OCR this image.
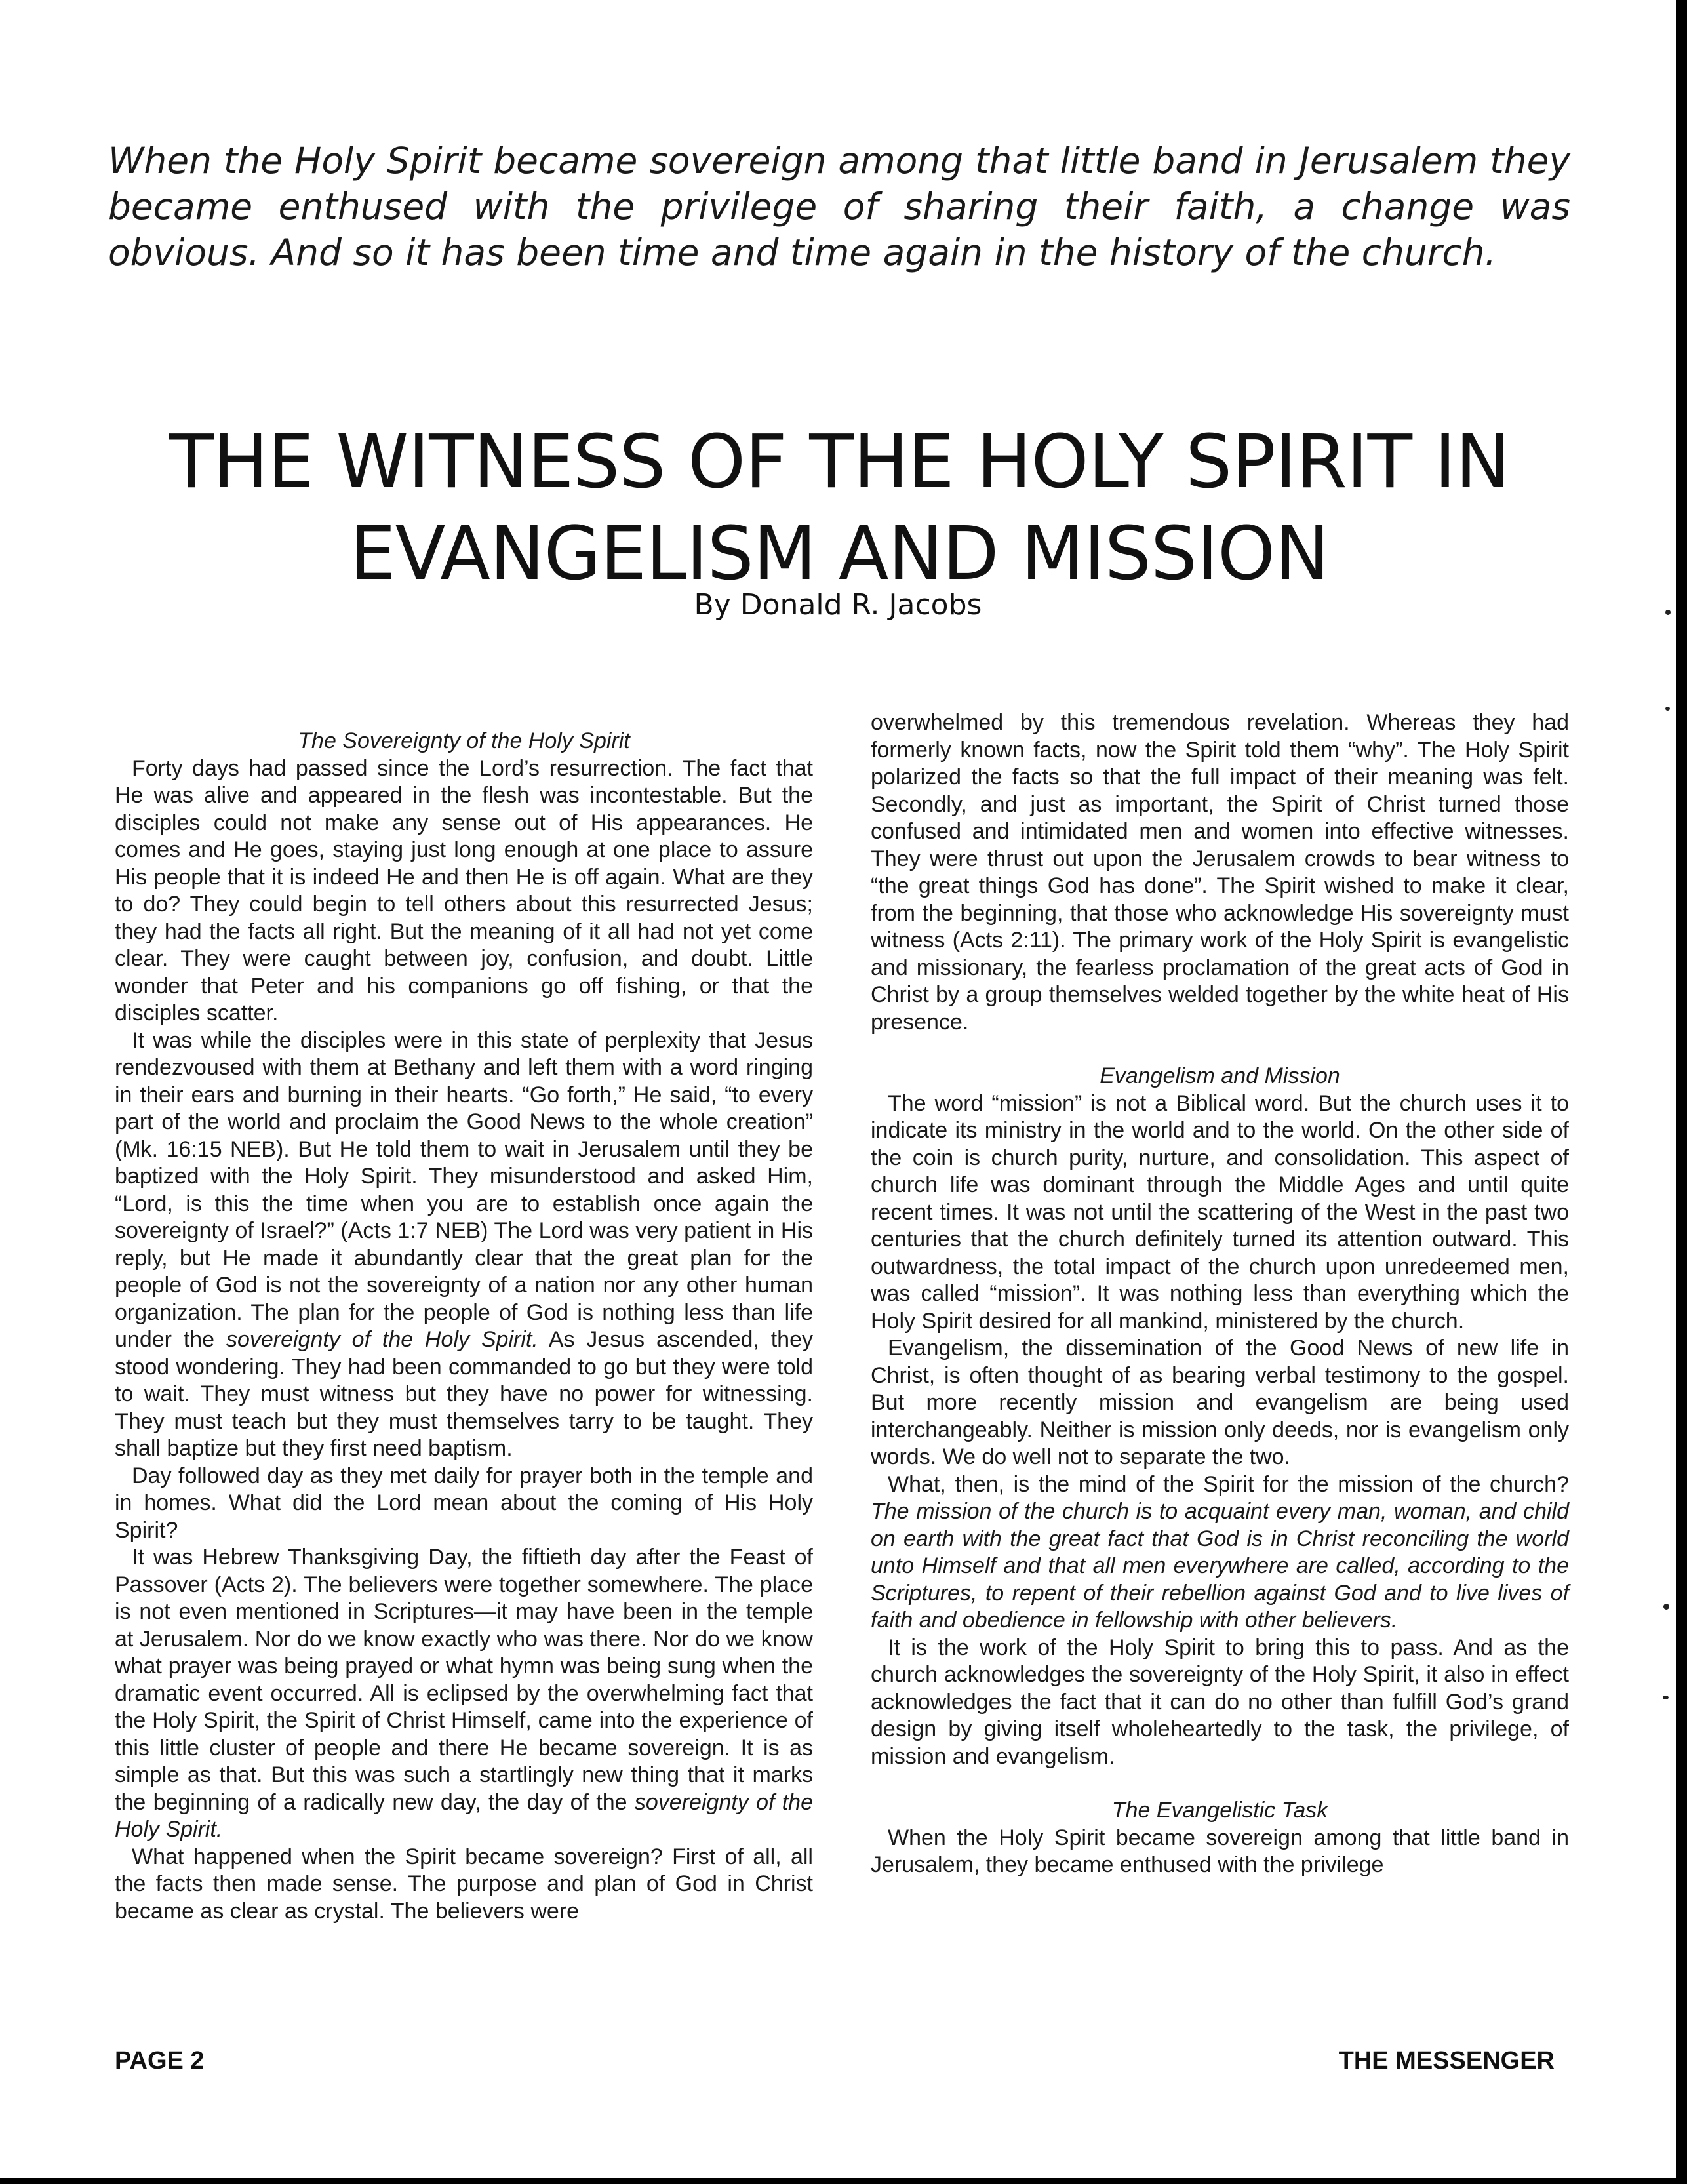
When the Holy Spirit became sovereign among that little band in Jerusalem they became enthused with the privilege of sharing their faith, a change was obvious. And so it has been time and time again in the history of the church.
THE WITNESS OF THE HOLY SPIRIT IN EVANGELISM AND MISSION
By Donald R. Jacobs
The Sovereignty of the Holy Spirit

Forty days had passed since the Lord’s resurrection. The fact that He was alive and appeared in the flesh was incontestable. But the disciples could not make any sense out of His appearances. He comes and He goes, staying just long enough at one place to assure His people that it is indeed He and then He is off again. What are they to do? They could begin to tell others about this resurrected Jesus; they had the facts all right. But the meaning of it all had not yet come clear. They were caught between joy, confusion, and doubt. Little wonder that Peter and his companions go off fishing, or that the disciples scatter.

It was while the disciples were in this state of perplexity that Jesus rendezvoused with them at Bethany and left them with a word ringing in their ears and burning in their hearts. “Go forth,” He said, “to every part of the world and proclaim the Good News to the whole creation” (Mk. 16:15 NEB). But He told them to wait in Jerusalem until they be baptized with the Holy Spirit. They misunderstood and asked Him, “Lord, is this the time when you are to establish once again the sovereignty of Israel?” (Acts 1:7 NEB) The Lord was very patient in His reply, but He made it abundantly clear that the great plan for the people of God is not the sovereignty of a nation nor any other human organization. The plan for the people of God is nothing less than life under the sovereignty of the Holy Spirit. As Jesus ascended, they stood wondering. They had been commanded to go but they were told to wait. They must witness but they have no power for witnessing. They must teach but they must themselves tarry to be taught. They shall baptize but they first need baptism.

Day followed day as they met daily for prayer both in the temple and in homes. What did the Lord mean about the coming of His Holy Spirit?

It was Hebrew Thanksgiving Day, the fiftieth day after the Feast of Passover (Acts 2). The believers were together somewhere. The place is not even mentioned in Scriptures—it may have been in the temple at Jerusalem. Nor do we know exactly who was there. Nor do we know what prayer was being prayed or what hymn was being sung when the dramatic event occurred. All is eclipsed by the overwhelming fact that the Holy Spirit, the Spirit of Christ Himself, came into the experience of this little cluster of people and there He became sovereign. It is as simple as that. But this was such a startlingly new thing that it marks the beginning of a radically new day, the day of the sovereignty of the Holy Spirit.

What happened when the Spirit became sovereign? First of all, all the facts then made sense. The purpose and plan of God in Christ became as clear as crystal. The believers were

overwhelmed by this tremendous revelation. Whereas they had formerly known facts, now the Spirit told them “why”. The Holy Spirit polarized the facts so that the full impact of their meaning was felt. Secondly, and just as important, the Spirit of Christ turned those confused and intimidated men and women into effective witnesses. They were thrust out upon the Jerusalem crowds to bear witness to “the great things God has done”. The Spirit wished to make it clear, from the beginning, that those who acknowledge His sovereignty must witness (Acts 2:11). The primary work of the Holy Spirit is evangelistic and missionary, the fearless proclamation of the great acts of God in Christ by a group themselves welded together by the white heat of His presence.

Evangelism and Mission

The word “mission” is not a Biblical word. But the church uses it to indicate its ministry in the world and to the world. On the other side of the coin is church purity, nurture, and consolidation. This aspect of church life was dominant through the Middle Ages and until quite recent times. It was not until the scattering of the West in the past two centuries that the church definitely turned its attention outward. This outwardness, the total impact of the church upon unredeemed men, was called “mission”. It was nothing less than everything which the Holy Spirit desired for all mankind, ministered by the church.

Evangelism, the dissemination of the Good News of new life in Christ, is often thought of as bearing verbal testimony to the gospel. But more recently mission and evangelism are being used interchangeably. Neither is mission only deeds, nor is evangelism only words. We do well not to separate the two.

What, then, is the mind of the Spirit for the mission of the church? The mission of the church is to acquaint every man, woman, and child on earth with the great fact that God is in Christ reconciling the world unto Himself and that all men everywhere are called, according to the Scriptures, to repent of their rebellion against God and to live lives of faith and obedience in fellowship with other believers.

It is the work of the Holy Spirit to bring this to pass. And as the church acknowledges the sovereignty of the Holy Spirit, it also in effect acknowledges the fact that it can do no other than fulfill God’s grand design by giving itself wholeheartedly to the task, the privilege, of mission and evangelism.

The Evangelistic Task

When the Holy Spirit became sovereign among that little band in Jerusalem, they became enthused with the privilege

PAGE 2	THE MESSENGER
